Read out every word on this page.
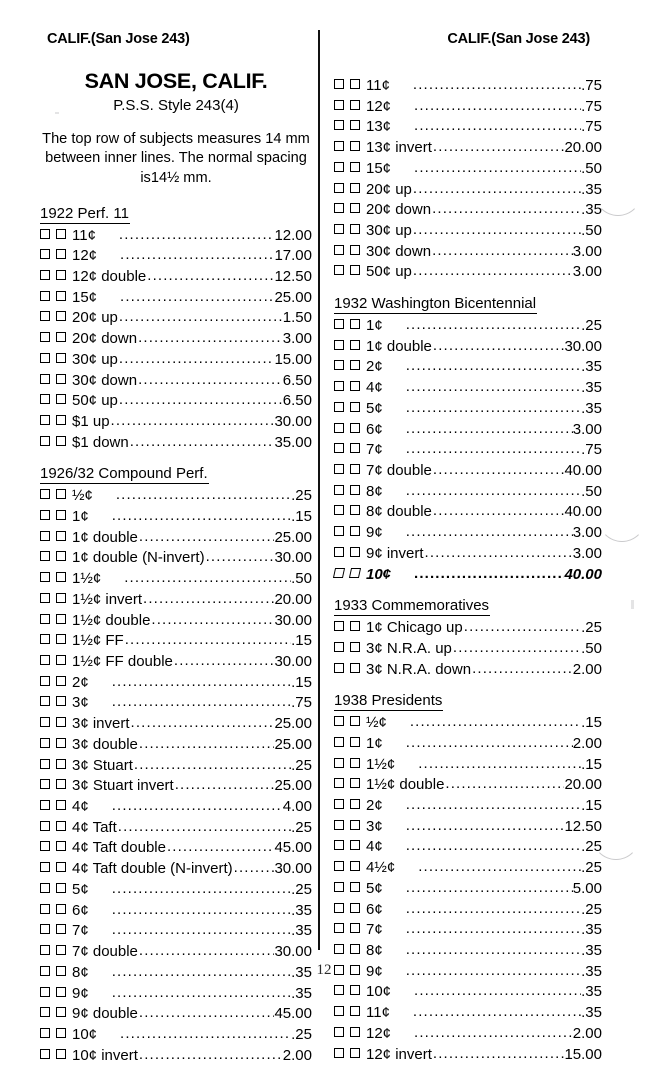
CALIF.(San Jose 243)
SAN JOSE, CALIF.
P.S.S. Style 243(4)
The top row of subjects measures 14 mm between inner lines. The normal spacing is14½ mm.
1922 Perf. 11
11¢ .....	12.00
12¢ .....	17.00
12¢ double .....	12.50
15¢ .....	25.00
20¢ up .....	1.50
20¢ down .....	3.00
30¢ up .....	15.00
30¢ down .....	6.50
50¢ up .....	6.50
$1 up .....	30.00
$1 down .....	35.00
1926/32 Compound Perf.
½¢ .....	.25
1¢ .....	.15
1¢ double .....	25.00
1¢ double (N-invert) .....	30.00
1½¢ .....	.50
1½¢ invert .....	20.00
1½¢ double .....	30.00
1½¢ FF .....	.15
1½¢ FF double .....	30.00
2¢ .....	.15
3¢ .....	.75
3¢ invert .....	25.00
3¢ double .....	25.00
3¢ Stuart .....	.25
3¢ Stuart invert .....	25.00
4¢ .....	4.00
4¢ Taft .....	.25
4¢ Taft double .....	45.00
4¢ Taft double (N-invert) .....	30.00
5¢ .....	.25
6¢ .....	.35
7¢ .....	.35
7¢ double .....	30.00
8¢ .....	.35
9¢ .....	.35
9¢ double .....	45.00
10¢ .....	.25
10¢ invert .....	2.00
CALIF.(San Jose 243)
11¢ .....	.75
12¢ .....	.75
13¢ .....	.75
13¢ invert .....	20.00
15¢ .....	.50
20¢ up .....	.35
20¢ down .....	.35
30¢ up .....	.50
30¢ down .....	3.00
50¢ up .....	3.00
1932 Washington Bicentennial
1¢ .....	.25
1¢ double .....	30.00
2¢ .....	.35
4¢ .....	.35
5¢ .....	.35
6¢ .....	3.00
7¢ .....	.75
7¢ double .....	40.00
8¢ .....	.50
8¢ double .....	40.00
9¢ .....	3.00
9¢ invert .....	3.00
10¢ .....	40.00
1933 Commemoratives
1¢ Chicago up .....	.25
3¢ N.R.A. up .....	.50
3¢ N.R.A. down .....	2.00
1938 Presidents
½¢ .....	.15
1¢ .....	2.00
1½¢ .....	.15
1½¢ double .....	20.00
2¢ .....	.15
3¢ .....	12.50
4¢ .....	.25
4½¢ .....	.25
5¢ .....	5.00
6¢ .....	.25
7¢ .....	.35
8¢ .....	.35
9¢ .....	.35
10¢ .....	.35
11¢ .....	.35
12¢ .....	2.00
12¢ invert .....	15.00
12
